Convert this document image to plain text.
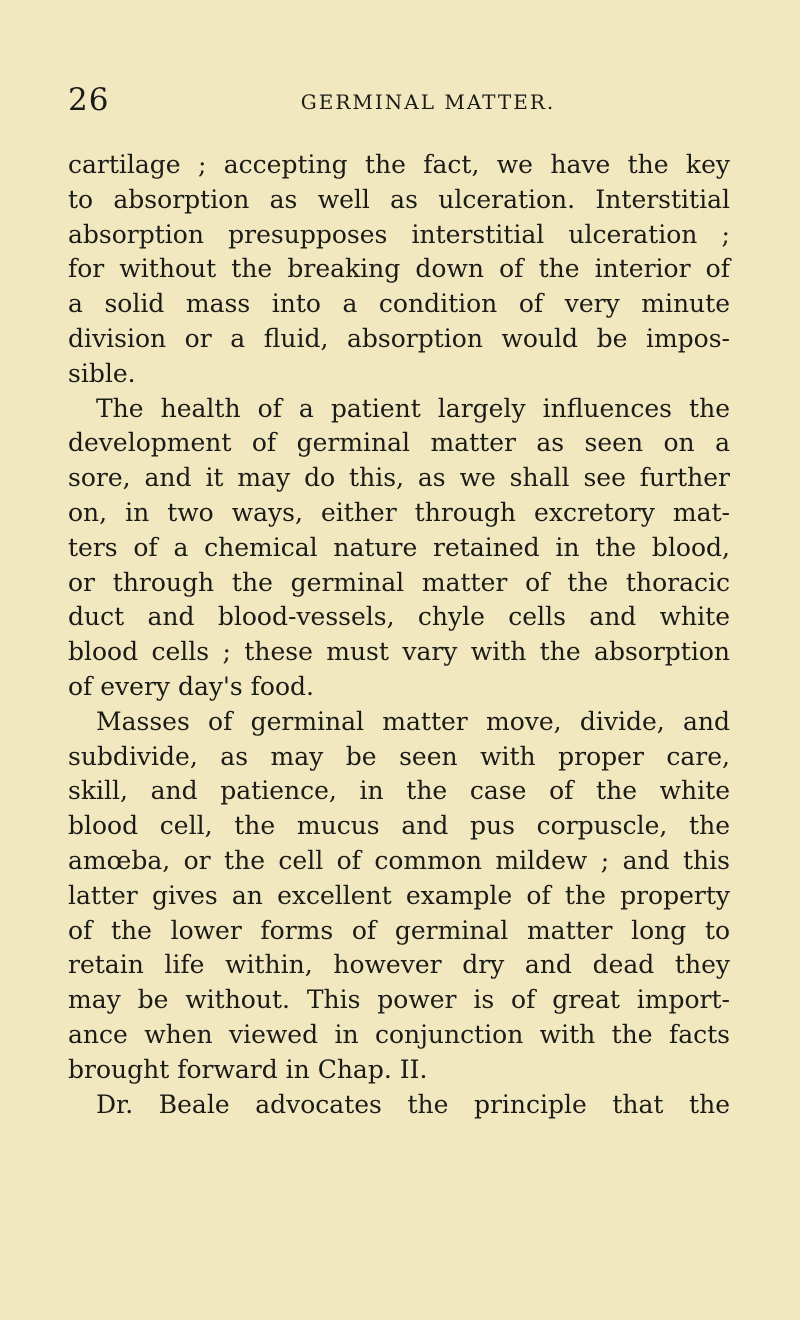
26	GERMINAL MATTER.
cartilage ; accepting the fact, we have the key
to absorption as well as ulceration. Interstitial
absorption presupposes interstitial ulceration ;
for without the breaking down of the interior of
a solid mass into a condition of very minute
division or a fluid, absorption would be impos-
sible.
The health of a patient largely influences the
development of germinal matter as seen on a
sore, and it may do this, as we shall see further
on, in two ways, either through excretory mat-
ters of a chemical nature retained in the blood,
or through the germinal matter of the thoracic
duct and blood-vessels, chyle cells and white
blood cells ; these must vary with the absorption
of every day's food.
Masses of germinal matter move, divide, and
subdivide, as may be seen with proper care,
skill, and patience, in the case of the white
blood cell, the mucus and pus corpuscle, the
amœba, or the cell of common mildew ; and this
latter gives an excellent example of the property
of the lower forms of germinal matter long to
retain life within, however dry and dead they
may be without. This power is of great import-
ance when viewed in conjunction with the facts
brought forward in Chap. II.
Dr. Beale advocates the principle that the
